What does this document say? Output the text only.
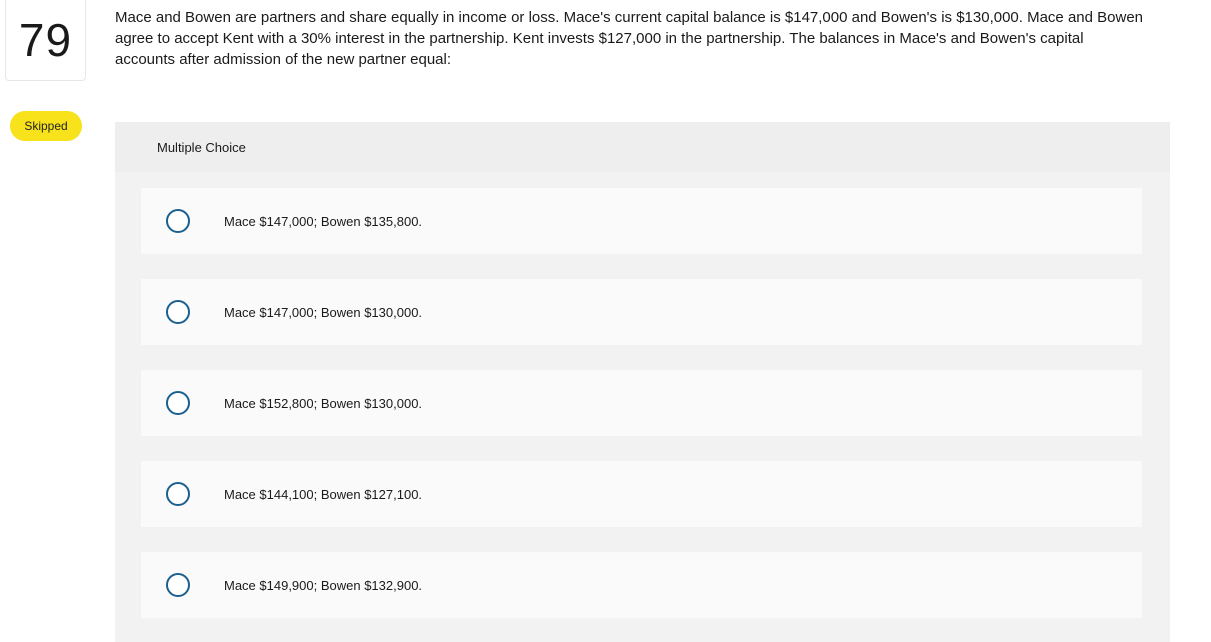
79
Skipped

Mace and Bowen are partners and share equally in income or loss. Mace's current capital balance is $147,000 and Bowen's is $130,000. Mace and Bowen agree to accept Kent with a 30% interest in the partnership. Kent invests $127,000 in the partnership. The balances in Mace's and Bowen's capital accounts after admission of the new partner equal:

Multiple Choice
Mace $147,000; Bowen $135,800.
Mace $147,000; Bowen $130,000.
Mace $152,800; Bowen $130,000.
Mace $144,100; Bowen $127,100.
Mace $149,900; Bowen $132,900.
